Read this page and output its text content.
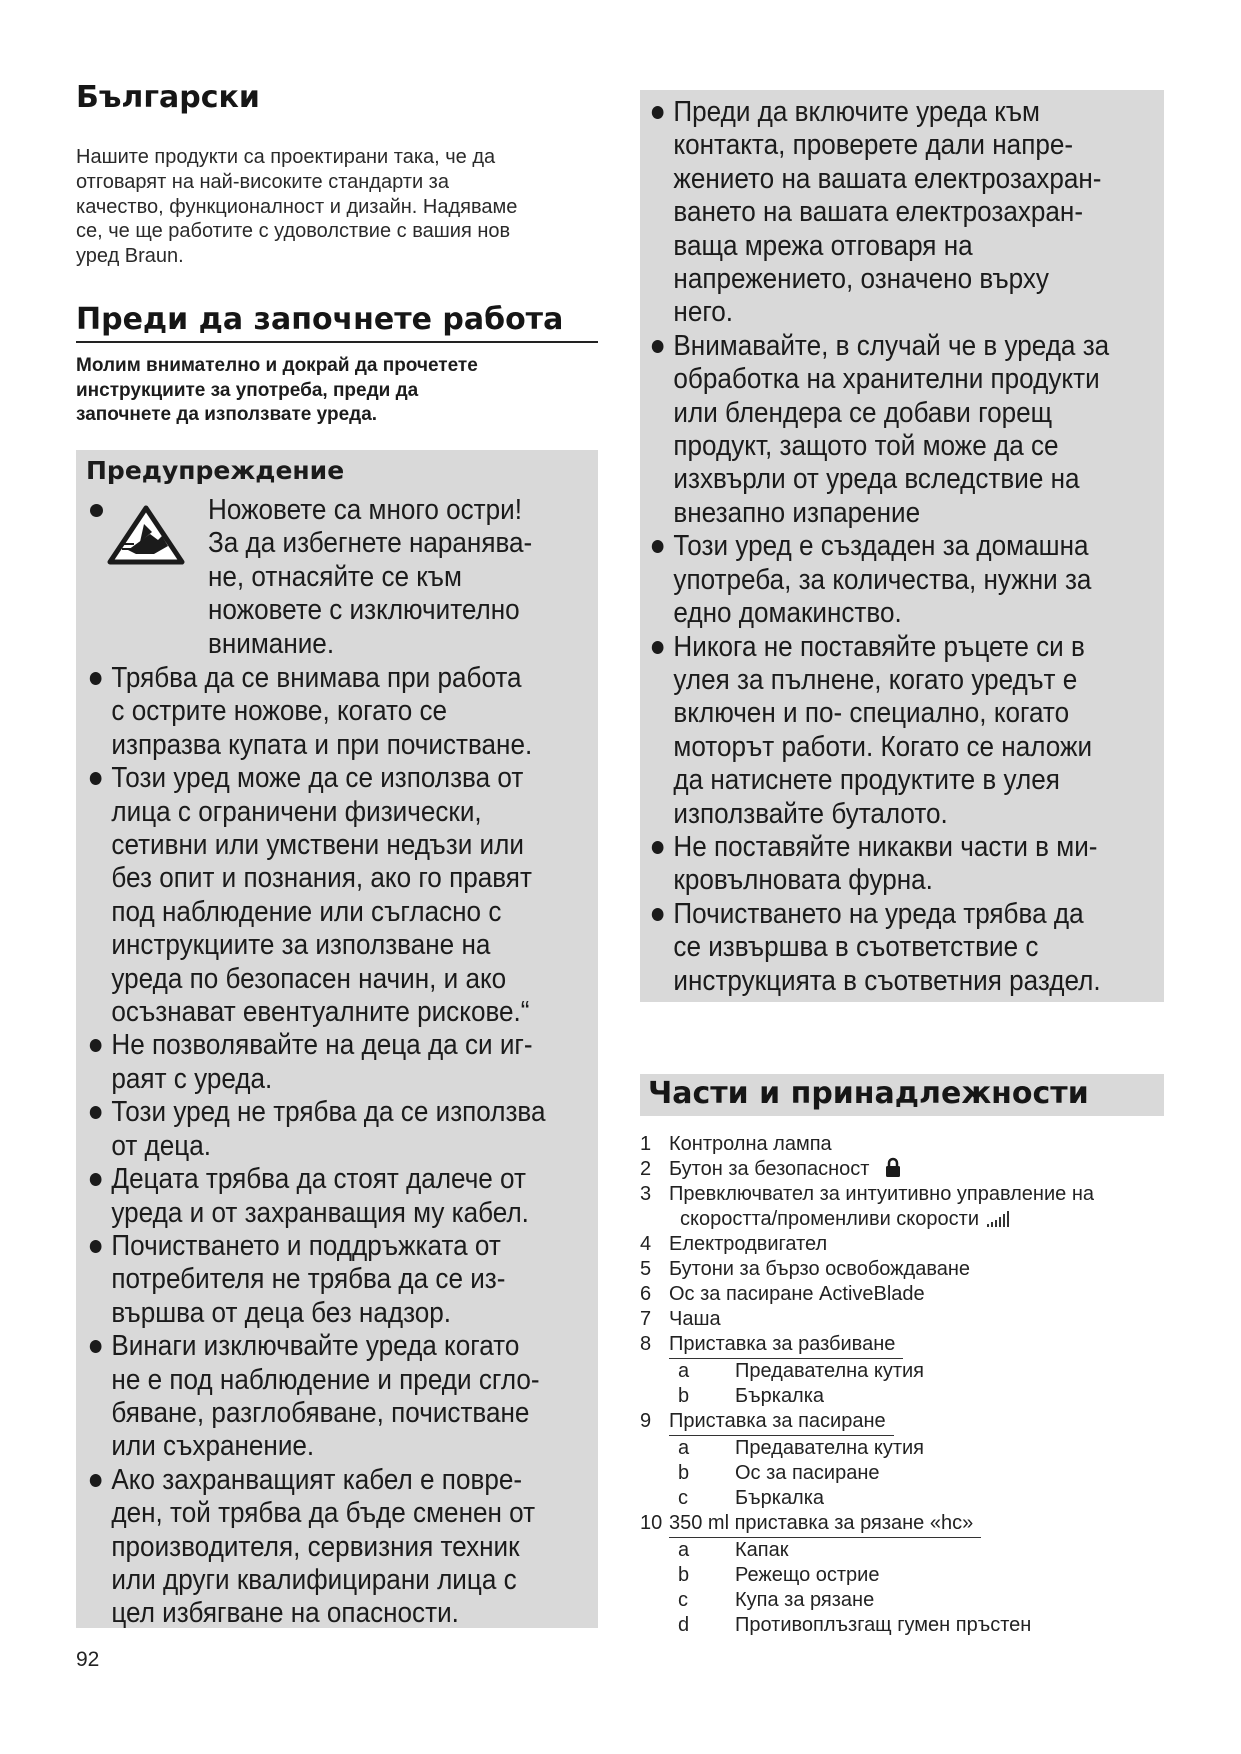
Български
Нашите продукти са проектирани така, че да
отговарят на най-високите стандарти за
качество, функционалност и дизайн. Надяваме
се, че ще работите с удоволствие с вашия нов
уред Braun.
Преди да започнете работа
Молим внимателно и докрай да прочетете
инструкциите за употреба, преди да
започнете да използвате уреда.
Предупреждение
Ножовете са много остри!
За да избегнете наранява-
не, отнасяйте се към
ножовете с изключително
внимание.
Трябва да се внимава при работа
с острите ножове, когато се
изпразва купата и при почистване.
Този уред може да се използва от
лица с ограничени физически,
сетивни или умствени недъзи или
без опит и познания, ако го правят
под наблюдение или съгласно с
инструкциите за използване на
уреда по безопасен начин, и ако
осъзнават евентуалните рискове.“
Не позволявайте на деца да си иг-
раят с уреда.
Този уред не трябва да се използва
от деца.
Децата трябва да стоят далече от
уреда и от захранващия му кабел.
Почистването и поддръжката от
потребителя не трябва да се из-
вършва от деца без надзор.
Винаги изключвайте уреда когато
не е под наблюдение и преди сгло-
бяване, разглобяване, почистване
или съхранение.
Ако захранващият кабел е повре-
ден, той трябва да бъде сменен от
производителя, сервизния техник
или други квалифицирани лица с
цел избягване на опасности.
Преди да включите уреда към
контакта, проверете дали напре-
жението на вашата електрозахран-
ването на вашата електрозахран-
ваща мрежа отговаря на
напрежението, означено върху
него.
Внимавайте, в случай че в уреда за
обработка на хранителни продукти
или блендера се добави горещ
продукт, защото той може да се
изхвърли от уреда вследствие на
внезапно изпарение
Този уред е създаден за домашна
употреба, за количества, нужни за
едно домакинство.
Никога не поставяйте ръцете си в
улея за пълнене, когато уредът е
включен и по- специално, когато
моторът работи. Когато се наложи
да натиснете продуктите в улея
използвайте буталото.
Не поставяйте никакви части в ми-
кровълновата фурна.
Почистването на уреда трябва да
се извършва в съответствие с
инструкцията в съответния раздел.
Части и принадлежности
1 Контролна лампа
2 Бутон за безопасност
3 Превключвател за интуитивно управление на
скоростта/променливи скорости
4 Електродвигател
5 Бутони за бързо освобождаване
6 Ос за пасиране ActiveBlade
7 Чаша
8 Приставка за разбиване
a	Предавателна кутия
b	Бъркалка
9 Приставка за пасиране
a	Предавателна кутия
b	Ос за пасиране
c	Бъркалка
10 350 ml приставка за рязане «hc»
a	Капак
b	Режещо острие
c	Купа за рязане
d	Противоплъзгащ гумен пръстен
92
